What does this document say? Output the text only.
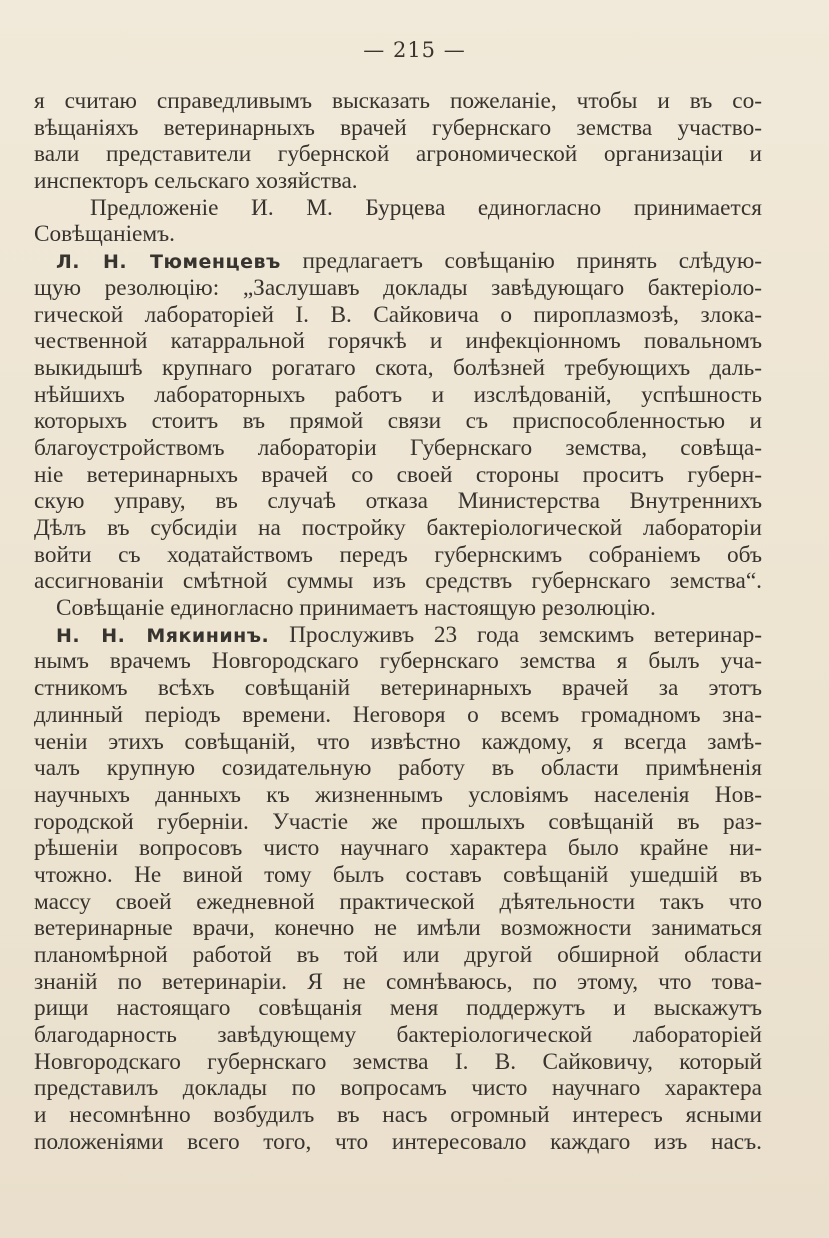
— 215 —
я считаю справедливымъ высказать пожеланіе, чтобы и въ со-
вѣщаніяхъ ветеринарныхъ врачей губернскаго земства участво-
вали представители губернской агрономической организаціи и
инспекторъ сельскаго хозяйства.
Предложеніе И. М. Бурцева единогласно принимается
Совѣщаніемъ.
Л. Н. Тюменцевъ предлагаетъ совѣщанію принять слѣдую-
щую резолюцію: „Заслушавъ доклады завѣдующаго бактеріоло-
гической лабораторіей I. В. Сайковича о пироплазмозѣ, злока-
чественной катарральной горячкѣ и инфекціонномъ повальномъ
выкидышѣ крупнаго рогатаго скота, болѣзней требующихъ даль-
нѣйшихъ лабораторныхъ работъ и изслѣдованій, успѣшность
которыхъ стоитъ въ прямой связи съ приспособленностью и
благоустройствомъ лабораторіи Губернскаго земства, совѣща-
ніе ветеринарныхъ врачей со своей стороны проситъ губерн-
скую управу, въ случаѣ отказа Министерства Внутреннихъ
Дѣлъ въ субсидіи на постройку бактеріологической лабораторіи
войти съ ходатайствомъ передъ губернскимъ собраніемъ объ
ассигнованіи смѣтной суммы изъ средствъ губернскаго земства“.
Совѣщаніе единогласно принимаетъ настоящую резолюцію.
Н. Н. Мякининъ. Прослуживъ 23 года земскимъ ветеринар-
нымъ врачемъ Новгородскаго губернскаго земства я былъ уча-
стникомъ всѣхъ совѣщаній ветеринарныхъ врачей за этотъ
длинный періодъ времени. Неговоря о всемъ громадномъ зна-
ченіи этихъ совѣщаній, что извѣстно каждому, я всегда замѣ-
чалъ крупную созидательную работу въ области примѣненія
научныхъ данныхъ къ жизненнымъ условіямъ населенія Нов-
городской губерніи. Участіе же прошлыхъ совѣщаній въ раз-
рѣшеніи вопросовъ чисто научнаго характера было крайне ни-
чтожно. Не виной тому былъ составъ совѣщаній ушедшій въ
массу своей ежедневной практической дѣятельности такъ что
ветеринарные врачи, конечно не имѣли возможности заниматься
планомѣрной работой въ той или другой обширной области
знаній по ветеринаріи. Я не сомнѣваюсь, по этому, что това-
рищи настоящаго совѣщанія меня поддержутъ и выскажутъ
благодарность завѣдующему бактеріологической лабораторіей
Новгородскаго губернскаго земства I. В. Сайковичу, который
представилъ доклады по вопросамъ чисто научнаго характера
и несомнѣнно возбудилъ въ насъ огромный интересъ ясными
положеніями всего того, что интересовало каждаго изъ насъ.
